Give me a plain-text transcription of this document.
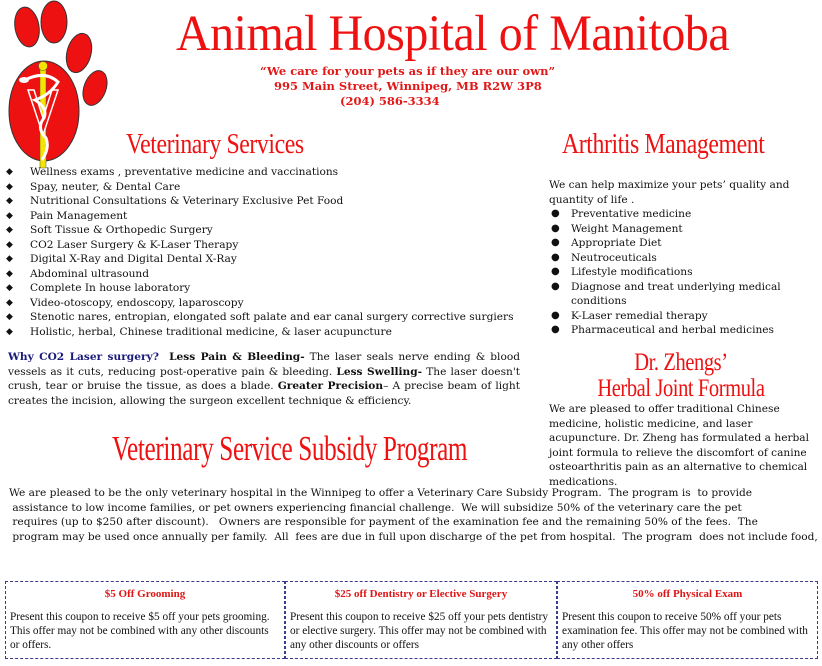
Animal Hospital of Manitoba
“We care for your pets as if they are our own”
995 Main Street, Winnipeg, MB R2W 3P8
(204) 586-3334
Veterinary Services
◆ Wellness exams , preventative medicine and vaccinations
◆ Spay, neuter, & Dental Care
◆ Nutritional Consultations & Veterinary Exclusive Pet Food
◆ Pain Management
◆ Soft Tissue & Orthopedic Surgery
◆ CO2 Laser Surgery & K-Laser Therapy
◆ Digital X-Ray and Digital Dental X-Ray
◆ Abdominal ultrasound
◆ Complete In house laboratory
◆ Video-otoscopy, endoscopy, laparoscopy
◆ Stenotic nares, entropian, elongated soft palate and ear canal surgery corrective surgiers
◆ Holistic, herbal, Chinese traditional medicine, & laser acupuncture
Why CO2 Laser surgery? Less Pain & Bleeding- The laser seals nerve ending & blood vessels as it cuts, reducing post-operative pain & bleeding. Less Swelling- The laser doesn't crush, tear or bruise the tissue, as does a blade. Greater Precision– A precise beam of light creates the incision, allowing the surgeon excellent technique & efficiency.
Arthritis Management
We can help maximize your pets’ quality and quantity of life .
● Preventative medicine
● Weight Management
● Appropriate Diet
● Neutroceuticals
● Lifestyle modifications
● Diagnose and treat underlying medical conditions
● K-Laser remedial therapy
● Pharmaceutical and herbal medicines
Dr. Zhengs’
Herbal Joint Formula
We are pleased to offer traditional Chinese medicine, holistic medicine, and laser acupuncture. Dr. Zheng has formulated a herbal joint formula to relieve the discomfort of canine osteoarthritis pain as an alternative to chemical medications.
Veterinary Service Subsidy Program
We are pleased to be the only veterinary hospital in the Winnipeg to offer a Veterinary Care Subsidy Program.  The program is  to provide
assistance to low income families, or pet owners experiencing financial challenge.  We will subsidize 50% of the veterinary care the pet
requires (up to $250 after discount).   Owners are responsible for payment of the examination fee and the remaining 50% of the fees.  The
program may be used once annually per family.  All  fees are due in full upon discharge of the pet from hospital.  The program  does not include food,
$5 Off Grooming
Present this coupon to receive $5 off your pets grooming. This offer may not be combined with any other discounts or offers.
$25 off Dentistry or Elective Surgery
Present this coupon to receive $25 off your pets dentistry or elective surgery. This offer may not be combined with any other discounts or offers
50% off Physical Exam
Present this coupon to receive 50% off your pets examination fee. This offer may not be combined with any other offers
